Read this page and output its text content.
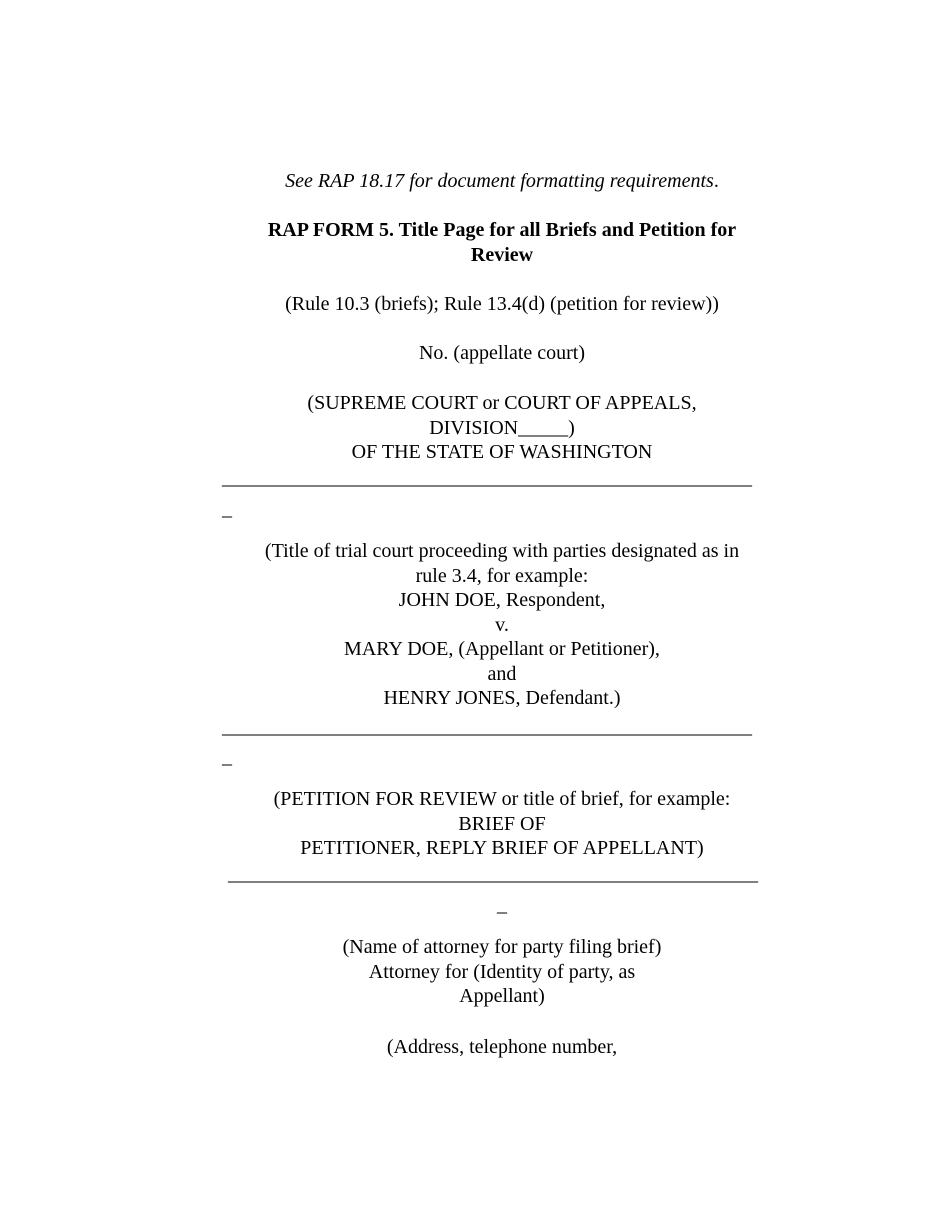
See RAP 18.17 for document formatting requirements.
RAP FORM 5. Title Page for all Briefs and Petition for
Review
(Rule 10.3 (briefs); Rule 13.4(d) (petition for review))
No. (appellate court)
(SUPREME COURT or COURT OF APPEALS,
DIVISION_____)
OF THE STATE OF WASHINGTON
_____________________________________________________
_
(Title of trial court proceeding with parties designated as in
rule 3.4, for example:
JOHN DOE, Respondent,
v.
MARY DOE, (Appellant or Petitioner),
and
HENRY JONES, Defendant.)
_____________________________________________________
_
(PETITION FOR REVIEW or title of brief, for example:
BRIEF OF
PETITIONER, REPLY BRIEF OF APPELLANT)
_____________________________________________________
_
(Name of attorney for party filing brief)
Attorney for (Identity of party, as
Appellant)
(Address, telephone number,
